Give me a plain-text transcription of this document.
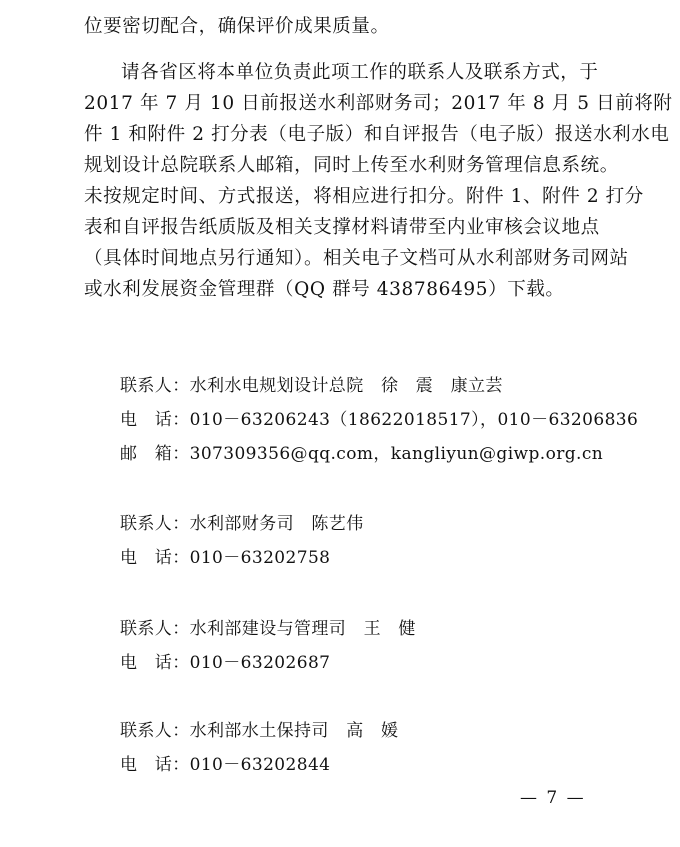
位要密切配合，确保评价成果质量。
请各省区将本单位负责此项工作的联系人及联系方式，于
2017 年 7 月 10 日前报送水利部财务司；2017 年 8 月 5 日前将附
件 1 和附件 2 打分表（电子版）和自评报告（电子版）报送水利水电
规划设计总院联系人邮箱，同时上传至水利财务管理信息系统。
未按规定时间、方式报送，将相应进行扣分。附件 1、附件 2 打分
表和自评报告纸质版及相关支撑材料请带至内业审核会议地点
（具体时间地点另行通知）。相关电子文档可从水利部财务司网站
或水利发展资金管理群（QQ 群号 438786495）下载。
联系人：水利水电规划设计总院　徐　震　康立芸
电　话：010－63206243（18622018517），010－63206836
邮　箱：307309356@qq.com，kangliyun@giwp.org.cn
联系人：水利部财务司　陈艺伟
电　话：010－63202758
联系人：水利部建设与管理司　王　健
电　话：010－63202687
联系人：水利部水土保持司　高　媛
电　话：010－63202844
— 7 —
